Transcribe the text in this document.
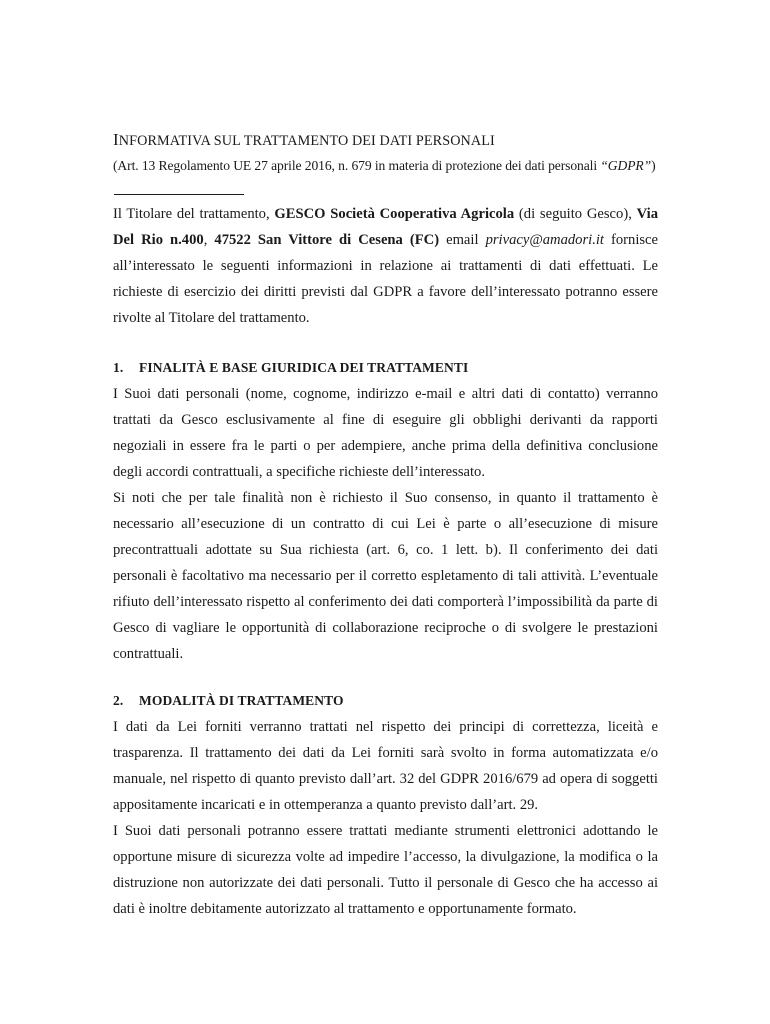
INFORMATIVA SUL TRATTAMENTO DEI DATI PERSONALI
(Art. 13 Regolamento UE 27 aprile 2016, n. 679 in materia di protezione dei dati personali “GDPR”)

Il Titolare del trattamento, GESCO Società Cooperativa Agricola (di seguito Gesco), Via Del Rio n.400, 47522 San Vittore di Cesena (FC) email privacy@amadori.it fornisce all’interessato le seguenti informazioni in relazione ai trattamenti di dati effettuati. Le richieste di esercizio dei diritti previsti dal GDPR a favore dell’interessato potranno essere rivolte al Titolare del trattamento.

1. FINALITÀ E BASE GIURIDICA DEI TRATTAMENTI

I Suoi dati personali (nome, cognome, indirizzo e-mail e altri dati di contatto) verranno trattati da Gesco esclusivamente al fine di eseguire gli obblighi derivanti da rapporti negoziali in essere fra le parti o per adempiere, anche prima della definitiva conclusione degli accordi contrattuali, a specifiche richieste dell’interessato.

Si noti che per tale finalità non è richiesto il Suo consenso, in quanto il trattamento è necessario all’esecuzione di un contratto di cui Lei è parte o all’esecuzione di misure precontrattuali adottate su Sua richiesta (art. 6, co. 1 lett. b). Il conferimento dei dati personali è facoltativo ma necessario per il corretto espletamento di tali attività. L’eventuale rifiuto dell’interessato rispetto al conferimento dei dati comporterà l’impossibilità da parte di Gesco di vagliare le opportunità di collaborazione reciproche o di svolgere le prestazioni contrattuali.

2. MODALITÀ DI TRATTAMENTO

I dati da Lei forniti verranno trattati nel rispetto dei principi di correttezza, liceità e trasparenza. Il trattamento dei dati da Lei forniti sarà svolto in forma automatizzata e/o manuale, nel rispetto di quanto previsto dall’art. 32 del GDPR 2016/679 ad opera di soggetti appositamente incaricati e in ottemperanza a quanto previsto dall’art. 29.

I Suoi dati personali potranno essere trattati mediante strumenti elettronici adottando le opportune misure di sicurezza volte ad impedire l’accesso, la divulgazione, la modifica o la distruzione non autorizzate dei dati personali. Tutto il personale di Gesco che ha accesso ai dati è inoltre debitamente autorizzato al trattamento e opportunamente formato.
